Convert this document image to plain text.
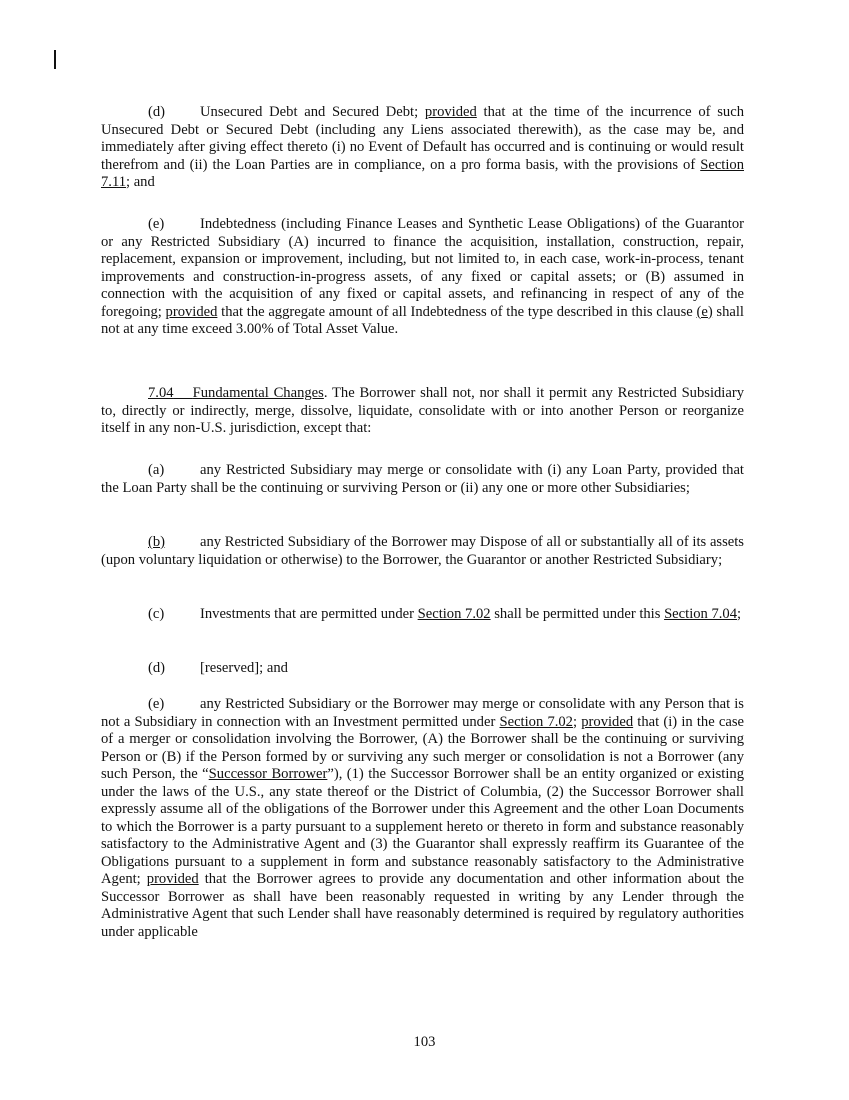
(d) Unsecured Debt and Secured Debt; provided that at the time of the incurrence of such Unsecured Debt or Secured Debt (including any Liens associated therewith), as the case may be, and immediately after giving effect thereto (i) no Event of Default has occurred and is continuing or would result therefrom and (ii) the Loan Parties are in compliance, on a pro forma basis, with the provisions of Section 7.11; and

(e) Indebtedness (including Finance Leases and Synthetic Lease Obligations) of the Guarantor or any Restricted Subsidiary (A) incurred to finance the acquisition, installation, construction, repair, replacement, expansion or improvement, including, but not limited to, in each case, work-in-process, tenant improvements and construction-in-progress assets, of any fixed or capital assets; or (B) assumed in connection with the acquisition of any fixed or capital assets, and refinancing in respect of any of the foregoing; provided that the aggregate amount of all Indebtedness of the type described in this clause (e) shall not at any time exceed 3.00% of Total Asset Value.

7.04 Fundamental Changes. The Borrower shall not, nor shall it permit any Restricted Subsidiary to, directly or indirectly, merge, dissolve, liquidate, consolidate with or into another Person or reorganize itself in any non-U.S. jurisdiction, except that:

(a) any Restricted Subsidiary may merge or consolidate with (i) any Loan Party, provided that the Loan Party shall be the continuing or surviving Person or (ii) any one or more other Subsidiaries;

(b) any Restricted Subsidiary of the Borrower may Dispose of all or substantially all of its assets (upon voluntary liquidation or otherwise) to the Borrower, the Guarantor or another Restricted Subsidiary;

(c) Investments that are permitted under Section 7.02 shall be permitted under this Section 7.04;

(d) [reserved]; and

(e) any Restricted Subsidiary or the Borrower may merge or consolidate with any Person that is not a Subsidiary in connection with an Investment permitted under Section 7.02; provided that (i) in the case of a merger or consolidation involving the Borrower, (A) the Borrower shall be the continuing or surviving Person or (B) if the Person formed by or surviving any such merger or consolidation is not a Borrower (any such Person, the “Successor Borrower”), (1) the Successor Borrower shall be an entity organized or existing under the laws of the U.S., any state thereof or the District of Columbia, (2) the Successor Borrower shall expressly assume all of the obligations of the Borrower under this Agreement and the other Loan Documents to which the Borrower is a party pursuant to a supplement hereto or thereto in form and substance reasonably satisfactory to the Administrative Agent and (3) the Guarantor shall expressly reaffirm its Guarantee of the Obligations pursuant to a supplement in form and substance reasonably satisfactory to the Administrative Agent; provided that the Borrower agrees to provide any documentation and other information about the Successor Borrower as shall have been reasonably requested in writing by any Lender through the Administrative Agent that such Lender shall have reasonably determined is required by regulatory authorities under applicable

103
